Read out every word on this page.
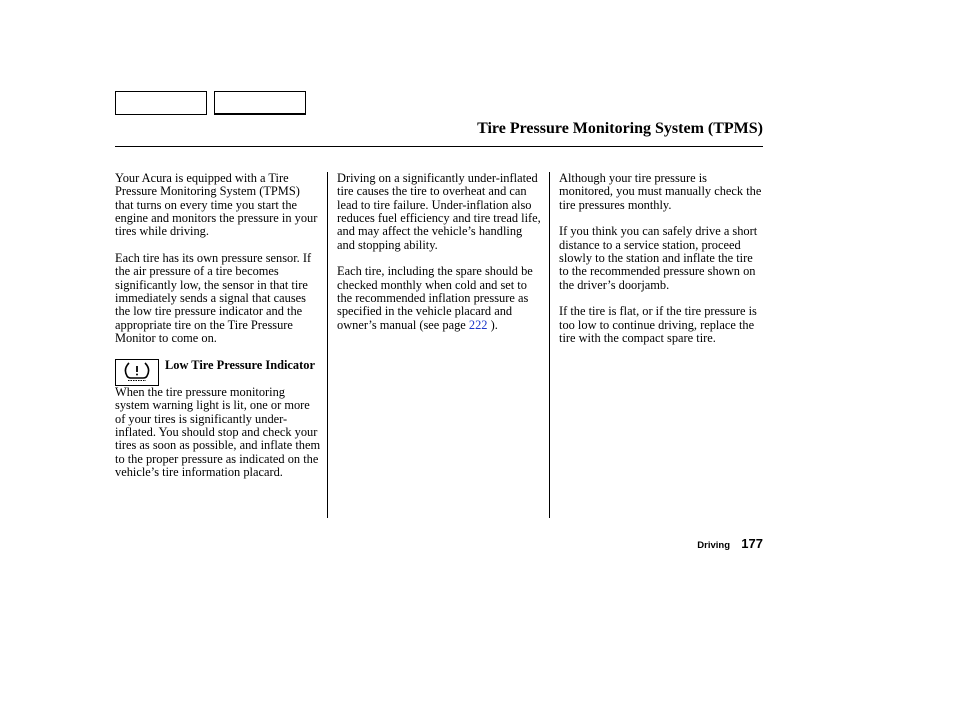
Tire Pressure Monitoring System (TPMS)

Your Acura is equipped with a Tire Pressure Monitoring System (TPMS) that turns on every time you start the engine and monitors the pressure in your tires while driving.

Each tire has its own pressure sensor. If the air pressure of a tire becomes significantly low, the sensor in that tire immediately sends a signal that causes the low tire pressure indicator and the appropriate tire on the Tire Pressure Monitor to come on.

Low Tire Pressure Indicator

When the tire pressure monitoring system warning light is lit, one or more of your tires is significantly under-inflated. You should stop and check your tires as soon as possible, and inflate them to the proper pressure as indicated on the vehicle’s tire information placard.

Driving on a significantly under-inflated tire causes the tire to overheat and can lead to tire failure. Under-inflation also reduces fuel efficiency and tire tread life, and may affect the vehicle’s handling and stopping ability.

Each tire, including the spare should be checked monthly when cold and set to the recommended inflation pressure as specified in the vehicle placard and owner’s manual (see page 222 ).

Although your tire pressure is monitored, you must manually check the tire pressures monthly.

If you think you can safely drive a short distance to a service station, proceed slowly to the station and inflate the tire to the recommended pressure shown on the driver’s doorjamb.

If the tire is flat, or if the tire pressure is too low to continue driving, replace the tire with the compact spare tire.

Driving 177
